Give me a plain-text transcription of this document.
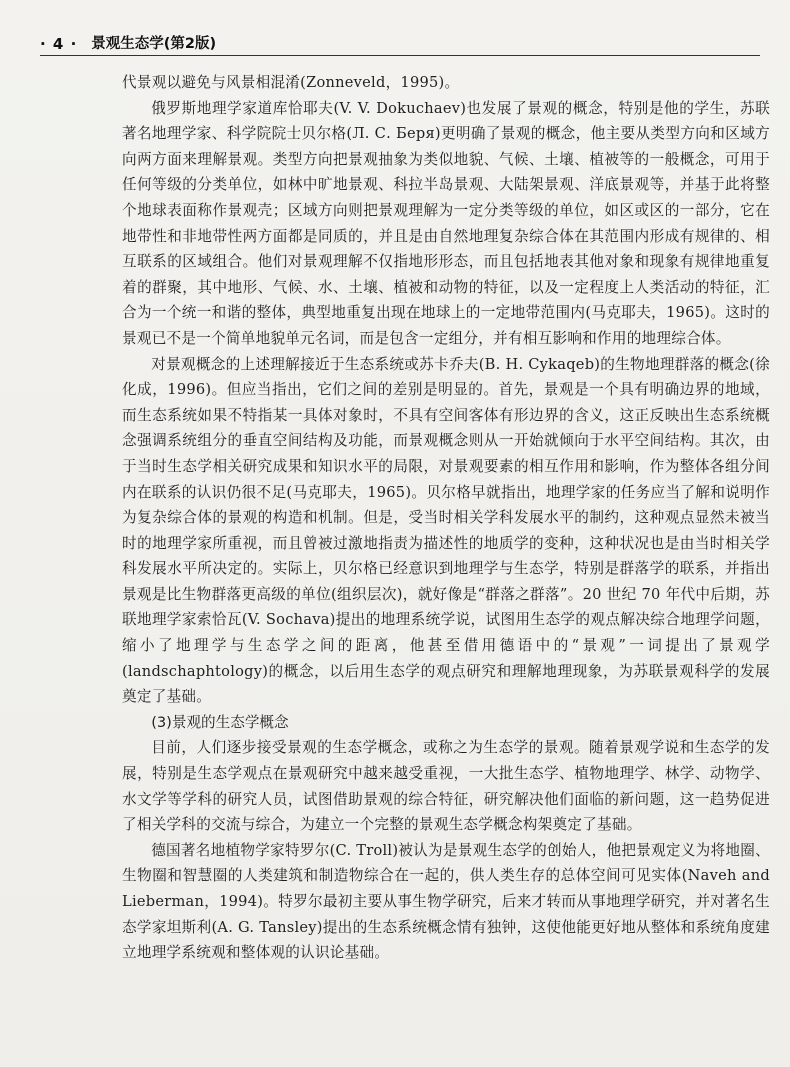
· 4 · 景观生态学(第2版)

代景观以避免与风景相混淆(Zonneveld，1995)。

俄罗斯地理学家道库恰耶夫(V. V. Dokuchaev)也发展了景观的概念，特别是他的学生，苏联著名地理学家、科学院院士贝尔格(Л. С. Беря)更明确了景观的概念，他主要从类型方向和区域方向两方面来理解景观。类型方向把景观抽象为类似地貌、气候、土壤、植被等的一般概念，可用于任何等级的分类单位，如林中旷地景观、科拉半岛景观、大陆架景观、洋底景观等，并基于此将整个地球表面称作景观壳；区域方向则把景观理解为一定分类等级的单位，如区或区的一部分，它在地带性和非地带性两方面都是同质的，并且是由自然地理复杂综合体在其范围内形成有规律的、相互联系的区域组合。他们对景观理解不仅指地形形态，而且包括地表其他对象和现象有规律地重复着的群聚，其中地形、气候、水、土壤、植被和动物的特征，以及一定程度上人类活动的特征，汇合为一个统一和谐的整体，典型地重复出现在地球上的一定地带范围内(马克耶夫，1965)。这时的景观已不是一个简单地貌单元名词，而是包含一定组分，并有相互影响和作用的地理综合体。

对景观概念的上述理解接近于生态系统或苏卡乔夫(B. H. Cykaqeb)的生物地理群落的概念(徐化成，1996)。但应当指出，它们之间的差别是明显的。首先，景观是一个具有明确边界的地域，而生态系统如果不特指某一具体对象时，不具有空间客体有形边界的含义，这正反映出生态系统概念强调系统组分的垂直空间结构及功能，而景观概念则从一开始就倾向于水平空间结构。其次，由于当时生态学相关研究成果和知识水平的局限，对景观要素的相互作用和影响，作为整体各组分间内在联系的认识仍很不足(马克耶夫，1965)。贝尔格早就指出，地理学家的任务应当了解和说明作为复杂综合体的景观的构造和机制。但是，受当时相关学科发展水平的制约，这种观点显然未被当时的地理学家所重视，而且曾被过激地指责为描述性的地质学的变种，这种状况也是由当时相关学科发展水平所决定的。实际上，贝尔格已经意识到地理学与生态学，特别是群落学的联系，并指出景观是比生物群落更高级的单位(组织层次)，就好像是“群落之群落”。20 世纪 70 年代中后期，苏联地理学家索恰瓦(V. Sochava)提出的地理系统学说，试图用生态学的观点解决综合地理学问题，缩小了地理学与生态学之间的距离，他甚至借用德语中的“景观”一词提出了景观学(landschaphtology)的概念，以后用生态学的观点研究和理解地理现象，为苏联景观科学的发展奠定了基础。

(3)景观的生态学概念

目前，人们逐步接受景观的生态学概念，或称之为生态学的景观。随着景观学说和生态学的发展，特别是生态学观点在景观研究中越来越受重视，一大批生态学、植物地理学、林学、动物学、水文学等学科的研究人员，试图借助景观的综合特征，研究解决他们面临的新问题，这一趋势促进了相关学科的交流与综合，为建立一个完整的景观生态学概念构架奠定了基础。

德国著名地植物学家特罗尔(C. Troll)被认为是景观生态学的创始人，他把景观定义为将地圈、生物圈和智慧圈的人类建筑和制造物综合在一起的，供人类生存的总体空间可见实体(Naveh and Lieberman，1994)。特罗尔最初主要从事生物学研究，后来才转而从事地理学研究，并对著名生态学家坦斯利(A. G. Tansley)提出的生态系统概念情有独钟，这使他能更好地从整体和系统角度建立地理学系统观和整体观的认识论基础。
